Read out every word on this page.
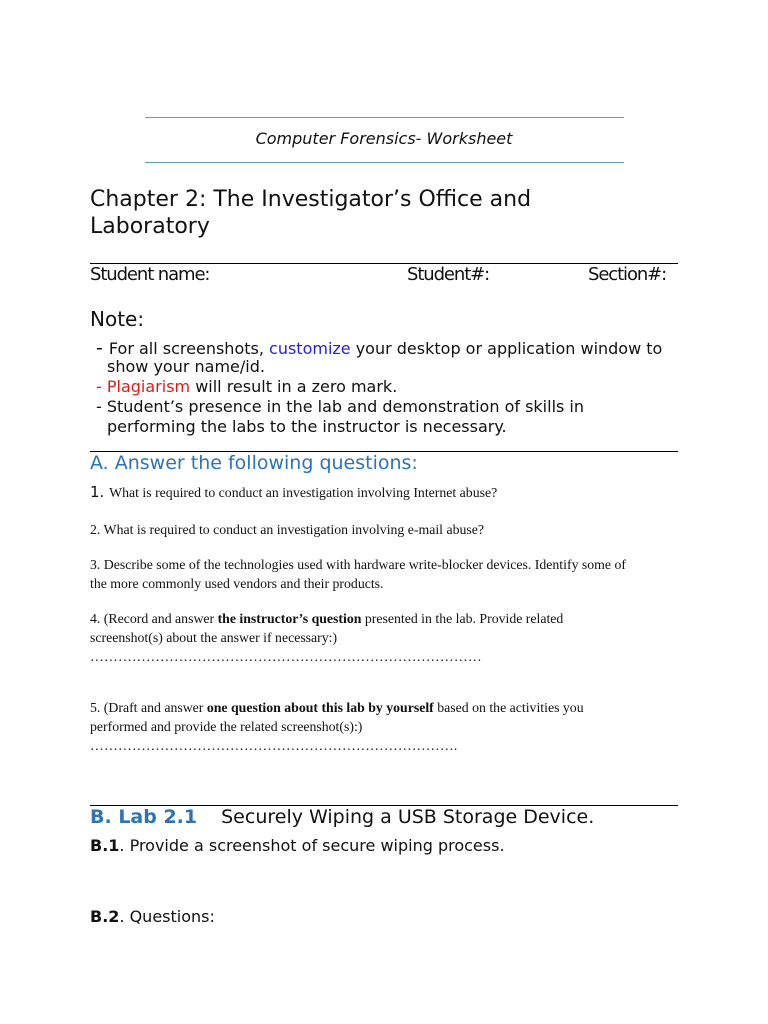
Computer Forensics- Worksheet
Chapter 2: The Investigator’s Office and
Laboratory
Student name:	Student#:	Section#:
Note:
- For all screenshots, customize your desktop or application window to
show your name/id.
- Plagiarism will result in a zero mark.
- Student’s presence in the lab and demonstration of skills in
performing the labs to the instructor is necessary.
A. Answer the following questions:
1. What is required to conduct an investigation involving Internet abuse?
2. What is required to conduct an investigation involving e-mail abuse?
3. Describe some of the technologies used with hardware write-blocker devices. Identify some of
the more commonly used vendors and their products.
4. (Record and answer the instructor’s question presented in the lab. Provide related
screenshot(s) about the answer if necessary:)
…………………………………………………………………………
5. (Draft and answer one question about this lab by yourself based on the activities you
performed and provide the related screenshot(s):)
…………………………………………………………………….
B. Lab 2.1 Securely Wiping a USB Storage Device.
B.1. Provide a screenshot of secure wiping process.
B.2. Questions:
